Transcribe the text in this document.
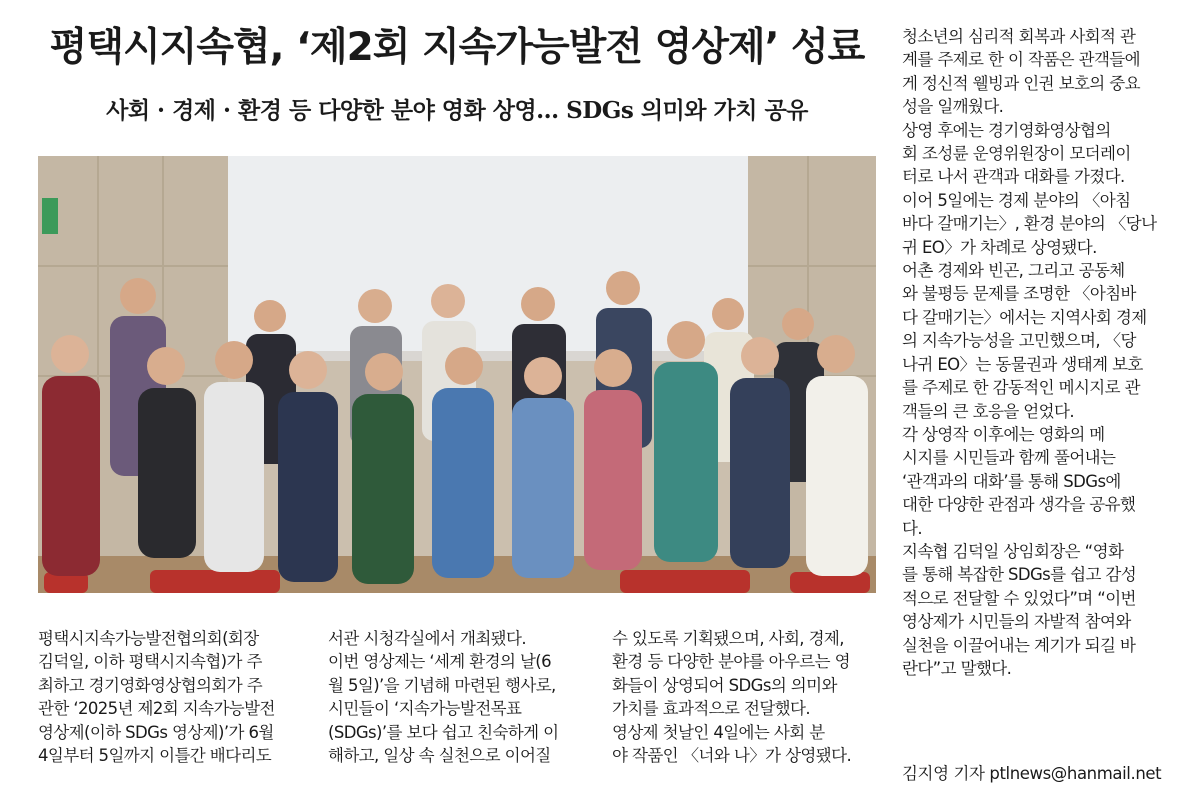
평택시지속협, ‘제2회 지속가능발전 영상제’ 성료
사회 · 경제 · 환경 등 다양한 분야 영화 상영… SDGs 의미와 가치 공유

평택시지속가능발전협의회(회장

김덕일, 이하 평택시지속협)가 주

최하고 경기영화영상협의회가 주

관한 ‘2025년 제2회 지속가능발전

영상제(이하 SDGs 영상제)’가 6월

4일부터 5일까지 이틀간 배다리도

서관 시청각실에서 개최됐다.

이번 영상제는 ‘세계 환경의 날(6

월 5일)’을 기념해 마련된 행사로,

시민들이 ‘지속가능발전목표

(SDGs)’를 보다 쉽고 친숙하게 이

해하고, 일상 속 실천으로 이어질

수 있도록 기획됐으며, 사회, 경제,

환경 등 다양한 분야를 아우르는 영

화들이 상영되어 SDGs의 의미와

가치를 효과적으로 전달했다.

영상제 첫날인 4일에는 사회 분

야 작품인 〈너와 나〉가 상영됐다.

청소년의 심리적 회복과 사회적 관

계를 주제로 한 이 작품은 관객들에

게 정신적 웰빙과 인권 보호의 중요

성을 일깨웠다.

상영 후에는 경기영화영상협의

회 조성륜 운영위원장이 모더레이

터로 나서 관객과 대화를 가졌다.

이어 5일에는 경제 분야의 〈아침

바다 갈매기는〉, 환경 분야의 〈당나

귀 EO〉가 차례로 상영됐다.

어촌 경제와 빈곤, 그리고 공동체

와 불평등 문제를 조명한 〈아침바

다 갈매기는〉에서는 지역사회 경제

의 지속가능성을 고민했으며, 〈당

나귀 EO〉는 동물권과 생태계 보호

를 주제로 한 감동적인 메시지로 관

객들의 큰 호응을 얻었다.

각 상영작 이후에는 영화의 메

시지를 시민들과 함께 풀어내는

‘관객과의 대화’를 통해 SDGs에

대한 다양한 관점과 생각을 공유했

다.

지속협 김덕일 상임회장은 “영화

를 통해 복잡한 SDGs를 쉽고 감성

적으로 전달할 수 있었다”며 “이번

영상제가 시민들의 자발적 참여와

실천을 이끌어내는 계기가 되길 바

란다”고 말했다.

김지영 기자 ptlnews@hanmail.net
